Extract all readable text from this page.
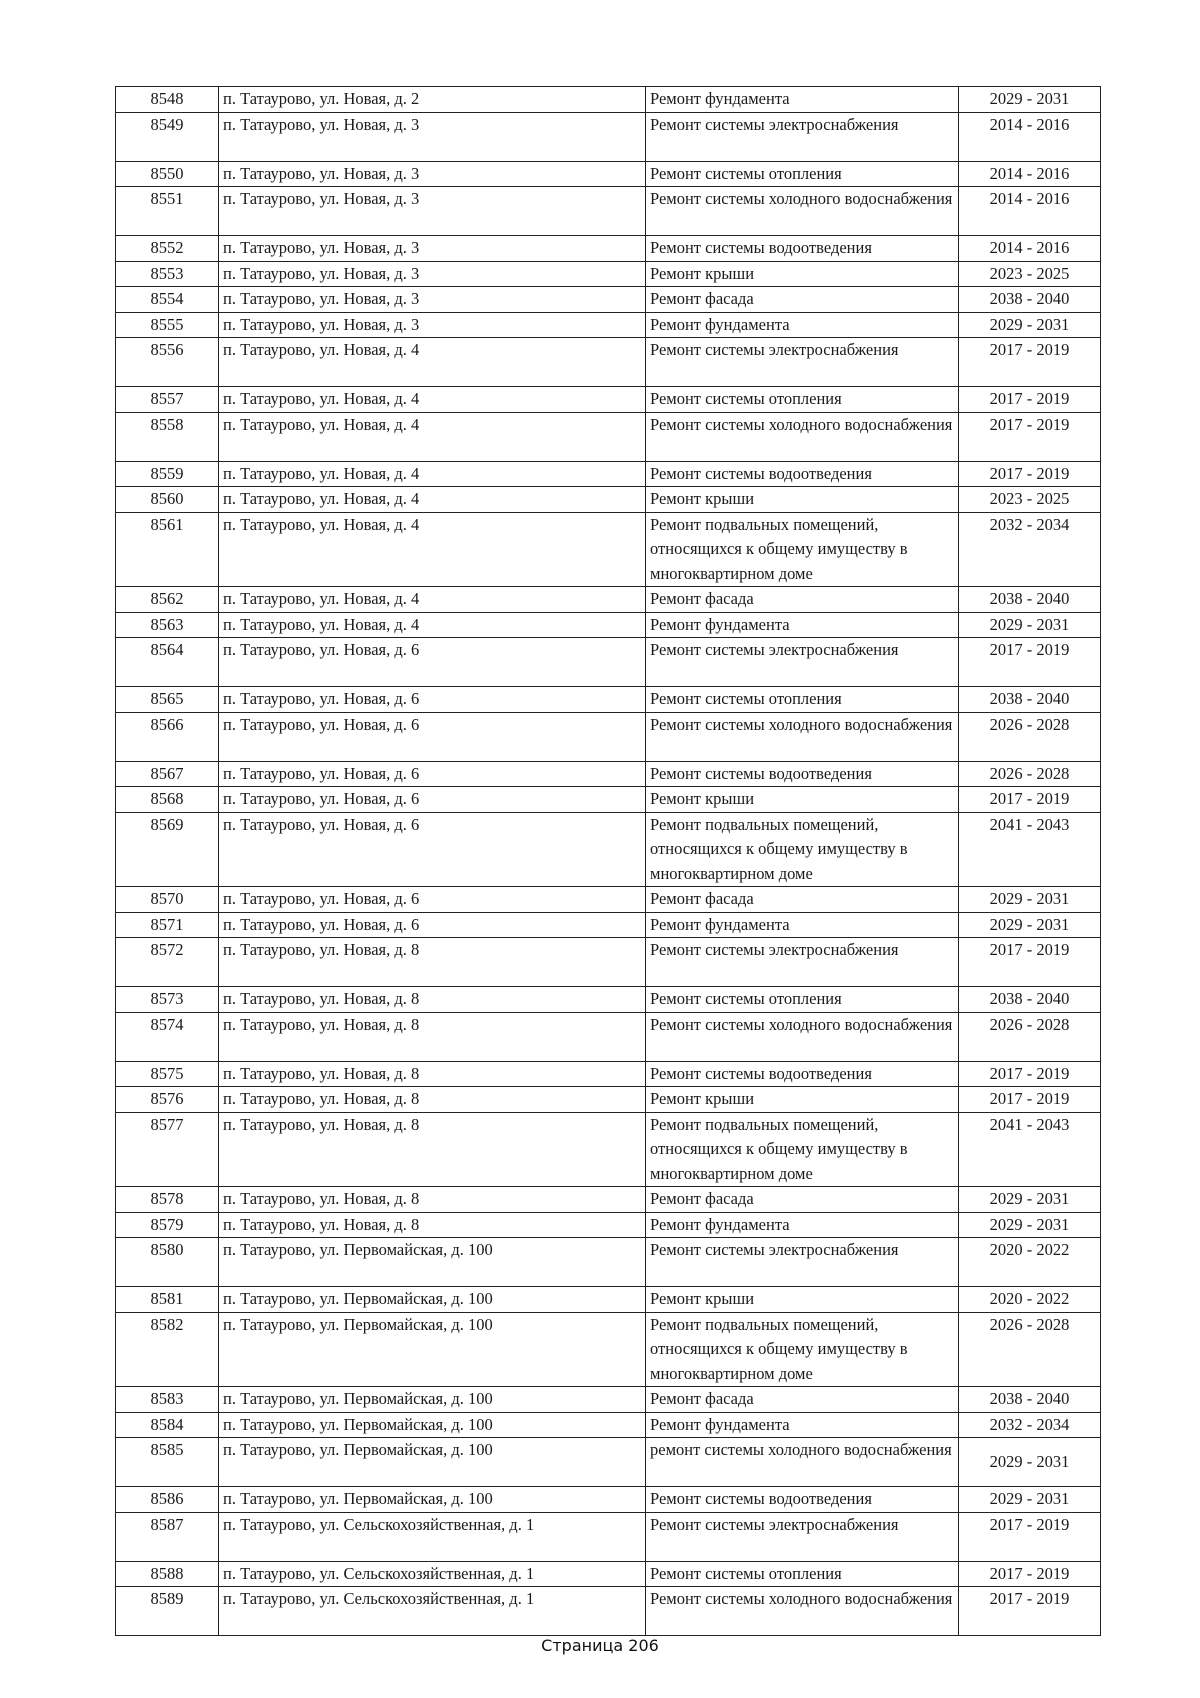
8548	п. Татаурово, ул. Новая, д. 2	Ремонт фундамента	2029 - 2031
8549	п. Татаурово, ул. Новая, д. 3	Ремонт системы электроснабжения	2014 - 2016
8550	п. Татаурово, ул. Новая, д. 3	Ремонт системы отопления	2014 - 2016
8551	п. Татаурово, ул. Новая, д. 3	Ремонт системы холодного водоснабжения	2014 - 2016
8552	п. Татаурово, ул. Новая, д. 3	Ремонт системы водоотведения	2014 - 2016
8553	п. Татаурово, ул. Новая, д. 3	Ремонт крыши	2023 - 2025
8554	п. Татаурово, ул. Новая, д. 3	Ремонт фасада	2038 - 2040
8555	п. Татаурово, ул. Новая, д. 3	Ремонт фундамента	2029 - 2031
8556	п. Татаурово, ул. Новая, д. 4	Ремонт системы электроснабжения	2017 - 2019
8557	п. Татаурово, ул. Новая, д. 4	Ремонт системы отопления	2017 - 2019
8558	п. Татаурово, ул. Новая, д. 4	Ремонт системы холодного водоснабжения	2017 - 2019
8559	п. Татаурово, ул. Новая, д. 4	Ремонт системы водоотведения	2017 - 2019
8560	п. Татаурово, ул. Новая, д. 4	Ремонт крыши	2023 - 2025
8561	п. Татаурово, ул. Новая, д. 4	Ремонт подвальных помещений, относящихся к общему имуществу в многоквартирном доме	2032 - 2034
8562	п. Татаурово, ул. Новая, д. 4	Ремонт фасада	2038 - 2040
8563	п. Татаурово, ул. Новая, д. 4	Ремонт фундамента	2029 - 2031
8564	п. Татаурово, ул. Новая, д. 6	Ремонт системы электроснабжения	2017 - 2019
8565	п. Татаурово, ул. Новая, д. 6	Ремонт системы отопления	2038 - 2040
8566	п. Татаурово, ул. Новая, д. 6	Ремонт системы холодного водоснабжения	2026 - 2028
8567	п. Татаурово, ул. Новая, д. 6	Ремонт системы водоотведения	2026 - 2028
8568	п. Татаурово, ул. Новая, д. 6	Ремонт крыши	2017 - 2019
8569	п. Татаурово, ул. Новая, д. 6	Ремонт подвальных помещений, относящихся к общему имуществу в многоквартирном доме	2041 - 2043
8570	п. Татаурово, ул. Новая, д. 6	Ремонт фасада	2029 - 2031
8571	п. Татаурово, ул. Новая, д. 6	Ремонт фундамента	2029 - 2031
8572	п. Татаурово, ул. Новая, д. 8	Ремонт системы электроснабжения	2017 - 2019
8573	п. Татаурово, ул. Новая, д. 8	Ремонт системы отопления	2038 - 2040
8574	п. Татаурово, ул. Новая, д. 8	Ремонт системы холодного водоснабжения	2026 - 2028
8575	п. Татаурово, ул. Новая, д. 8	Ремонт системы водоотведения	2017 - 2019
8576	п. Татаурово, ул. Новая, д. 8	Ремонт крыши	2017 - 2019
8577	п. Татаурово, ул. Новая, д. 8	Ремонт подвальных помещений, относящихся к общему имуществу в многоквартирном доме	2041 - 2043
8578	п. Татаурово, ул. Новая, д. 8	Ремонт фасада	2029 - 2031
8579	п. Татаурово, ул. Новая, д. 8	Ремонт фундамента	2029 - 2031
8580	п. Татаурово, ул. Первомайская, д. 100	Ремонт системы электроснабжения	2020 - 2022
8581	п. Татаурово, ул. Первомайская, д. 100	Ремонт крыши	2020 - 2022
8582	п. Татаурово, ул. Первомайская, д. 100	Ремонт подвальных помещений, относящихся к общему имуществу в многоквартирном доме	2026 - 2028
8583	п. Татаурово, ул. Первомайская, д. 100	Ремонт фасада	2038 - 2040
8584	п. Татаурово, ул. Первомайская, д. 100	Ремонт фундамента	2032 - 2034
8585	п. Татаурово, ул. Первомайская, д. 100	ремонт системы холодного водоснабжения	2029 - 2031
8586	п. Татаурово, ул. Первомайская, д. 100	Ремонт системы водоотведения	2029 - 2031
8587	п. Татаурово, ул. Сельскохозяйственная, д. 1	Ремонт системы электроснабжения	2017 - 2019
8588	п. Татаурово, ул. Сельскохозяйственная, д. 1	Ремонт системы отопления	2017 - 2019
8589	п. Татаурово, ул. Сельскохозяйственная, д. 1	Ремонт системы холодного водоснабжения	2017 - 2019
Страница 206
